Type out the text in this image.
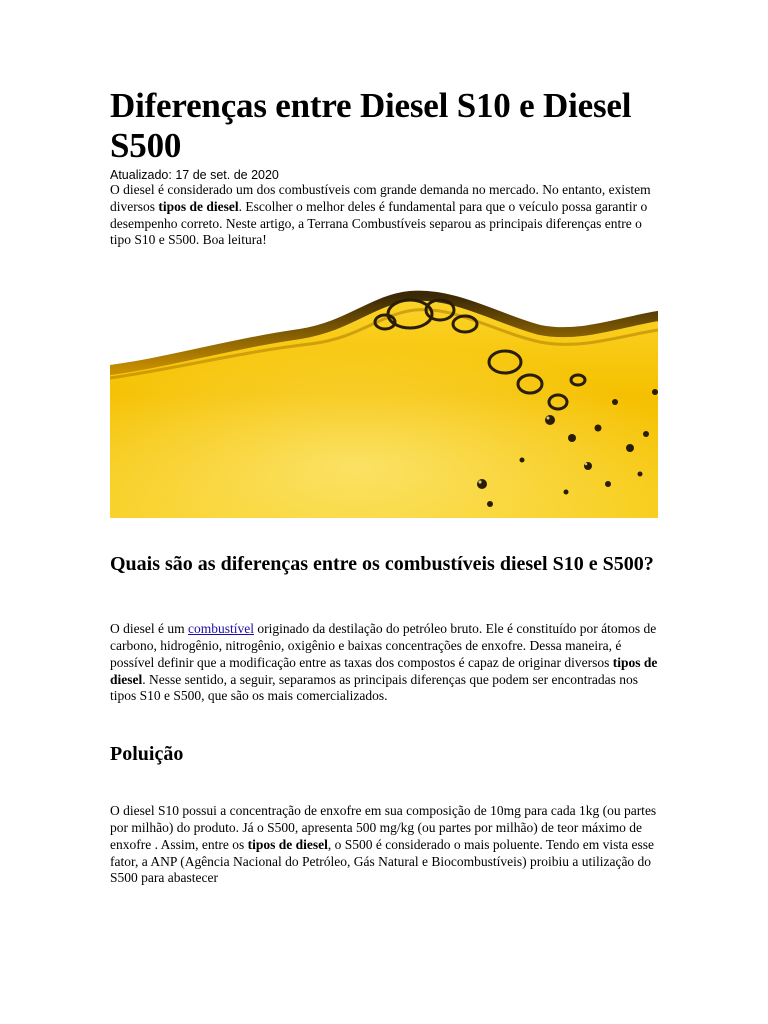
Diferenças entre Diesel S10 e Diesel S500
Atualizado: 17 de set. de 2020

O diesel é considerado um dos combustíveis com grande demanda no mercado. No entanto, existem diversos tipos de diesel. Escolher o melhor deles é fundamental para que o veículo possa garantir o desempenho correto. Neste artigo, a Terrana Combustíveis separou as principais diferenças entre o tipo S10 e S500. Boa leitura!

Quais são as diferenças entre os combustíveis diesel S10 e S500?

O diesel é um combustível originado da destilação do petróleo bruto. Ele é constituído por átomos de carbono, hidrogênio, nitrogênio, oxigênio e baixas concentrações de enxofre. Dessa maneira, é possível definir que a modificação entre as taxas dos compostos é capaz de originar diversos tipos de diesel. Nesse sentido, a seguir, separamos as principais diferenças que podem ser encontradas nos tipos S10 e S500, que são os mais comercializados.

Poluição

O diesel S10 possui a concentração de enxofre em sua composição de 10mg para cada 1kg (ou partes por milhão) do produto. Já o S500, apresenta 500 mg/kg (ou partes por milhão) de teor máximo de enxofre . Assim, entre os tipos de diesel, o S500 é considerado o mais poluente. Tendo em vista esse fator, a ANP (Agência Nacional do Petróleo, Gás Natural e Biocombustíveis) proibiu a utilização do S500 para abastecer
